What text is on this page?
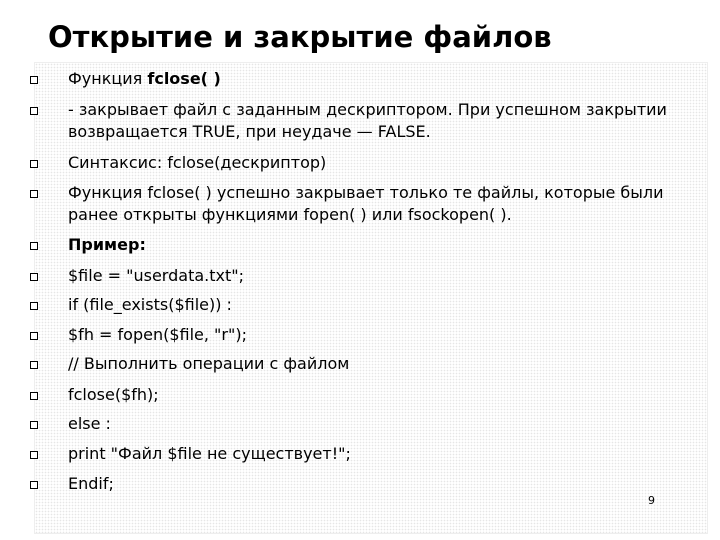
Открытие и закрытие файлов
Функция fclose( )
- закрывает файл с заданным дескриптором. При успешном закрытии возвращается TRUE, при неудаче — FALSE.
Синтаксис: fclose(дескриптор)
Функция fclose( ) успешно закрывает только те файлы, которые были ранее открыты функциями fopen( ) или fsockopen( ).
Пример:
$file = "userdata.txt";
if (file_exists($file)) :
$fh = fopen($file, "r");
// Выполнить операции с файлом
fclose($fh);
else :
print "Файл $file не существует!";
Endif;
9
